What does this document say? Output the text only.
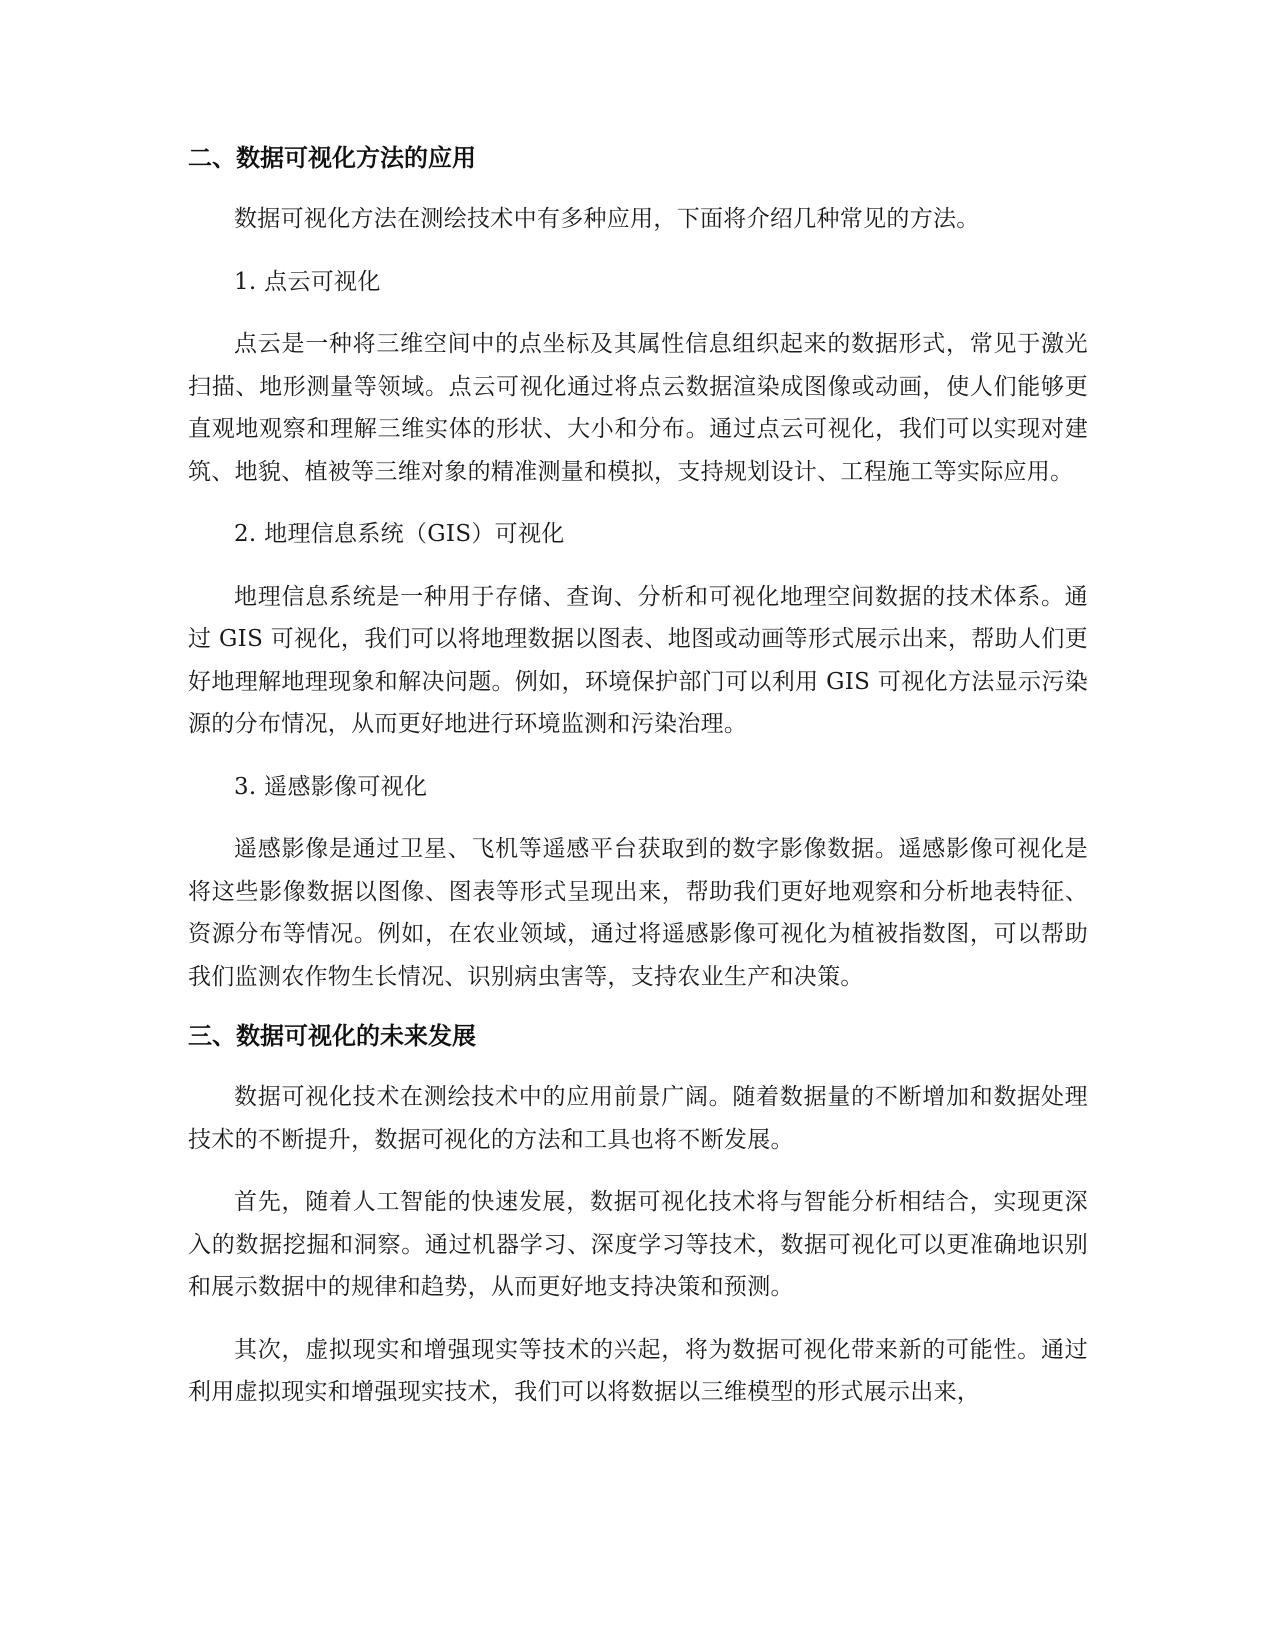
二、数据可视化方法的应用

数据可视化方法在测绘技术中有多种应用，下面将介绍几种常见的方法。

1. 点云可视化

点云是一种将三维空间中的点坐标及其属性信息组织起来的数据形式，常见于激光扫描、地形测量等领域。点云可视化通过将点云数据渲染成图像或动画，使人们能够更直观地观察和理解三维实体的形状、大小和分布。通过点云可视化，我们可以实现对建筑、地貌、植被等三维对象的精准测量和模拟，支持规划设计、工程施工等实际应用。

2. 地理信息系统（GIS）可视化

地理信息系统是一种用于存储、查询、分析和可视化地理空间数据的技术体系。通过 GIS 可视化，我们可以将地理数据以图表、地图或动画等形式展示出来，帮助人们更好地理解地理现象和解决问题。例如，环境保护部门可以利用 GIS 可视化方法显示污染源的分布情况，从而更好地进行环境监测和污染治理。

3. 遥感影像可视化

遥感影像是通过卫星、飞机等遥感平台获取到的数字影像数据。遥感影像可视化是将这些影像数据以图像、图表等形式呈现出来，帮助我们更好地观察和分析地表特征、资源分布等情况。例如，在农业领域，通过将遥感影像可视化为植被指数图，可以帮助我们监测农作物生长情况、识别病虫害等，支持农业生产和决策。

三、数据可视化的未来发展

数据可视化技术在测绘技术中的应用前景广阔。随着数据量的不断增加和数据处理技术的不断提升，数据可视化的方法和工具也将不断发展。

首先，随着人工智能的快速发展，数据可视化技术将与智能分析相结合，实现更深入的数据挖掘和洞察。通过机器学习、深度学习等技术，数据可视化可以更准确地识别和展示数据中的规律和趋势，从而更好地支持决策和预测。

其次，虚拟现实和增强现实等技术的兴起，将为数据可视化带来新的可能性。通过利用虚拟现实和增强现实技术，我们可以将数据以三维模型的形式展示出来，
